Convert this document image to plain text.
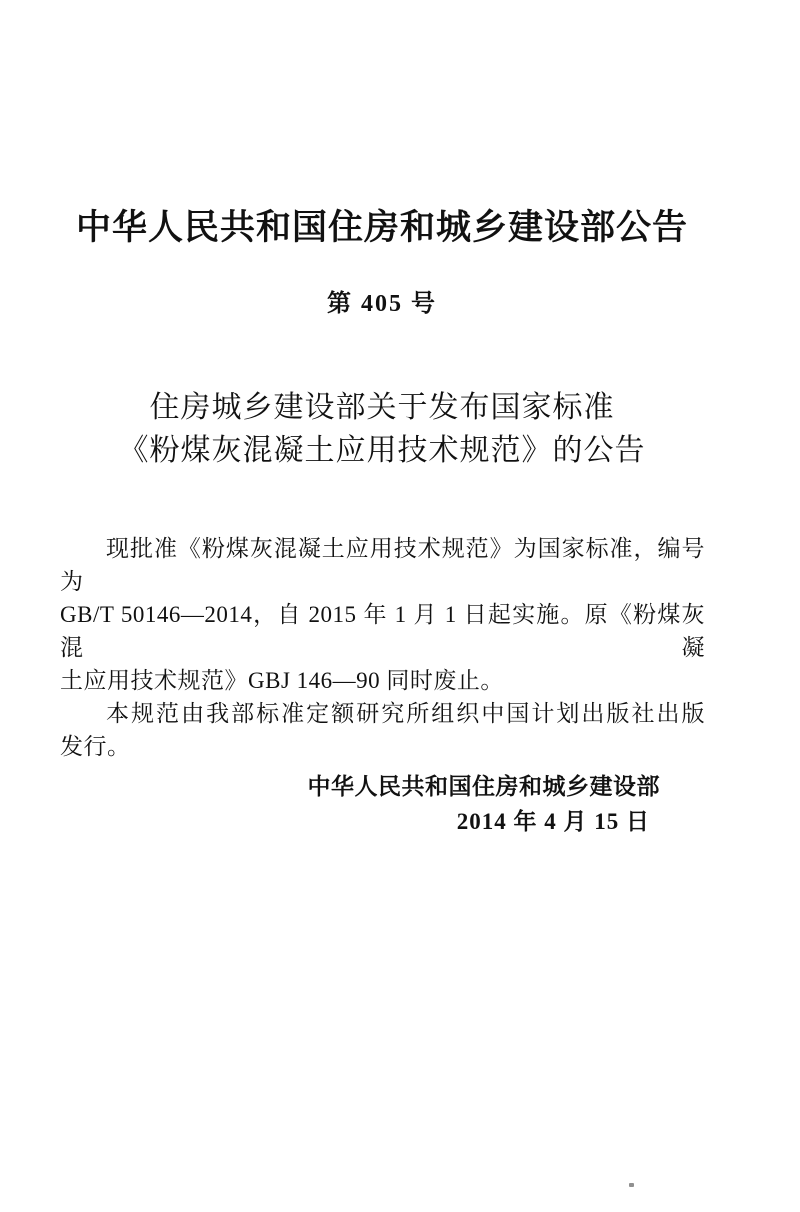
中华人民共和国住房和城乡建设部公告
第 405 号
住房城乡建设部关于发布国家标准
《粉煤灰混凝土应用技术规范》的公告
现批准《粉煤灰混凝土应用技术规范》为国家标准，编号为
GB/T 50146—2014，自 2015 年 1 月 1 日起实施。原《粉煤灰混凝
土应用技术规范》GBJ 146—90 同时废止。
本规范由我部标准定额研究所组织中国计划出版社出版
发行。
中华人民共和国住房和城乡建设部
2014 年 4 月 15 日
